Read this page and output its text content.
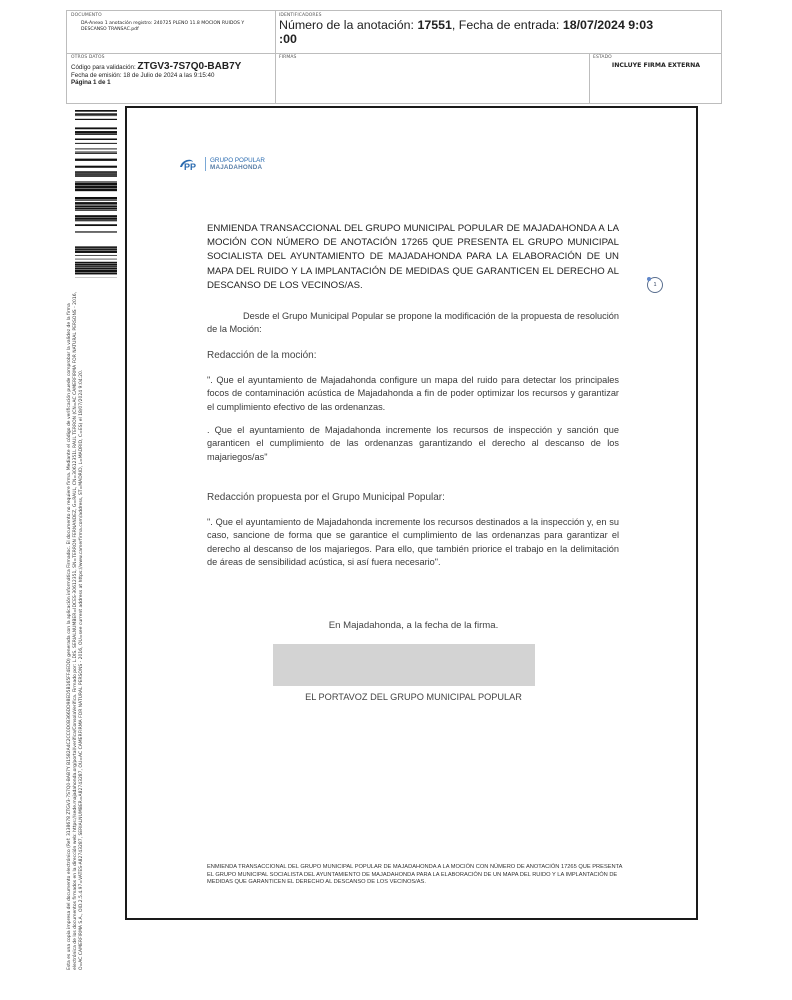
DOCUMENTO
DA-Anexo 1 anotación registro: 240725 PLENO 11.8 MOCION RUIDOS Y DESCANSO TRANSAC.pdf
IDENTIFICADORES
Número de la anotación: 17551, Fecha de entrada: 18/07/2024 9:03
:00
OTROS DATOS
Código para validación: ZTGV3-7S7Q0-BAB7Y
Fecha de emisión: 18 de Julio de 2024 a las 9:15:40
Página 1 de 1
FIRMAS	ESTADO
INCLUYE FIRMA EXTERNA
Esta es una copia impresa del documento electrónico (Ref: 3138678 ZTGV3-7S7Q0-BAB7Y B1582A4C2CC0D0B366DD98ED5B165FF4EDD) generada con la aplicación informática Firmadoc. El documento no requiere firma. Mediante el código de verificación puede comprobar la validez de la firma electrónica de los documentos firmados en la dirección web: https://sede.majadahonda.org/portal/verifica/ConsolaVerifica. Firmado por: L.DIS. SERIALNUMBER=IDCES-30612351, SN=TERRON FERNANDEZ, G=RAUL, CN=30612351L RAUL TERRON (CN=AC CAMERFIRMA FOR NATURAL PERSONS - 2016, O=AC CAMERFIRMA S.A., OID.2.5.4.97=VATES-A82743287, SERIALNUMBER=A82743287, OU=AC CAMERFIRMA FOR NATURAL PERSONS - 2016, OU=see current address at https://www.camerfirma.com/address, ST=MADRID, L=MADRID, C=ES) el 18/07/2024 9:04:20.
PP
GRUPO POPULAR
MAJADAHONDA
ENMIENDA TRANSACCIONAL DEL GRUPO MUNICIPAL POPULAR DE MAJADAHONDA A LA MOCIÓN CON NÚMERO DE ANOTACIÓN 17265 QUE PRESENTA EL GRUPO MUNICIPAL SOCIALISTA DEL AYUNTAMIENTO DE MAJADAHONDA PARA LA ELABORACIÓN DE UN MAPA DEL RUIDO Y LA IMPLANTACIÓN DE MEDIDAS QUE GARANTICEN EL DERECHO AL DESCANSO DE LOS VECINOS/AS.	1
Desde el Grupo Municipal Popular se propone la modificación de la propuesta de resolución de la Moción:
Redacción de la moción:
". Que el ayuntamiento de Majadahonda configure un mapa del ruido para detectar los principales focos de contaminación acústica de Majadahonda a fin de poder optimizar los recursos y garantizar el cumplimiento efectivo de las ordenanzas.
. Que el ayuntamiento de Majadahonda incremente los recursos de inspección y sanción que garanticen el cumplimiento de las ordenanzas garantizando el derecho al descanso de los majariegos/as"
Redacción propuesta por el Grupo Municipal Popular:
". Que el ayuntamiento de Majadahonda incremente los recursos destinados a la inspección y, en su caso, sancione de forma que se garantice el cumplimiento de las ordenanzas para garantizar el derecho al descanso de los majariegos. Para ello, que también priorice el trabajo en la delimitación de áreas de sensibilidad acústica, si así fuera necesario".
En Majadahonda, a la fecha de la firma.
EL PORTAVOZ DEL GRUPO MUNICIPAL POPULAR
ENMIENDA TRANSACCIONAL DEL GRUPO MUNICIPAL POPULAR DE MAJADAHONDA A LA MOCIÓN CON NÚMERO DE ANOTACIÓN 17265 QUE PRESENTA EL GRUPO MUNICIPAL SOCIALISTA DEL AYUNTAMIENTO DE MAJADAHONDA PARA LA ELABORACIÓN DE UN MAPA DEL RUIDO Y LA IMPLANTACIÓN DE MEDIDAS QUE GARANTICEN EL DERECHO AL DESCANSO DE LOS VECINOS/AS.
